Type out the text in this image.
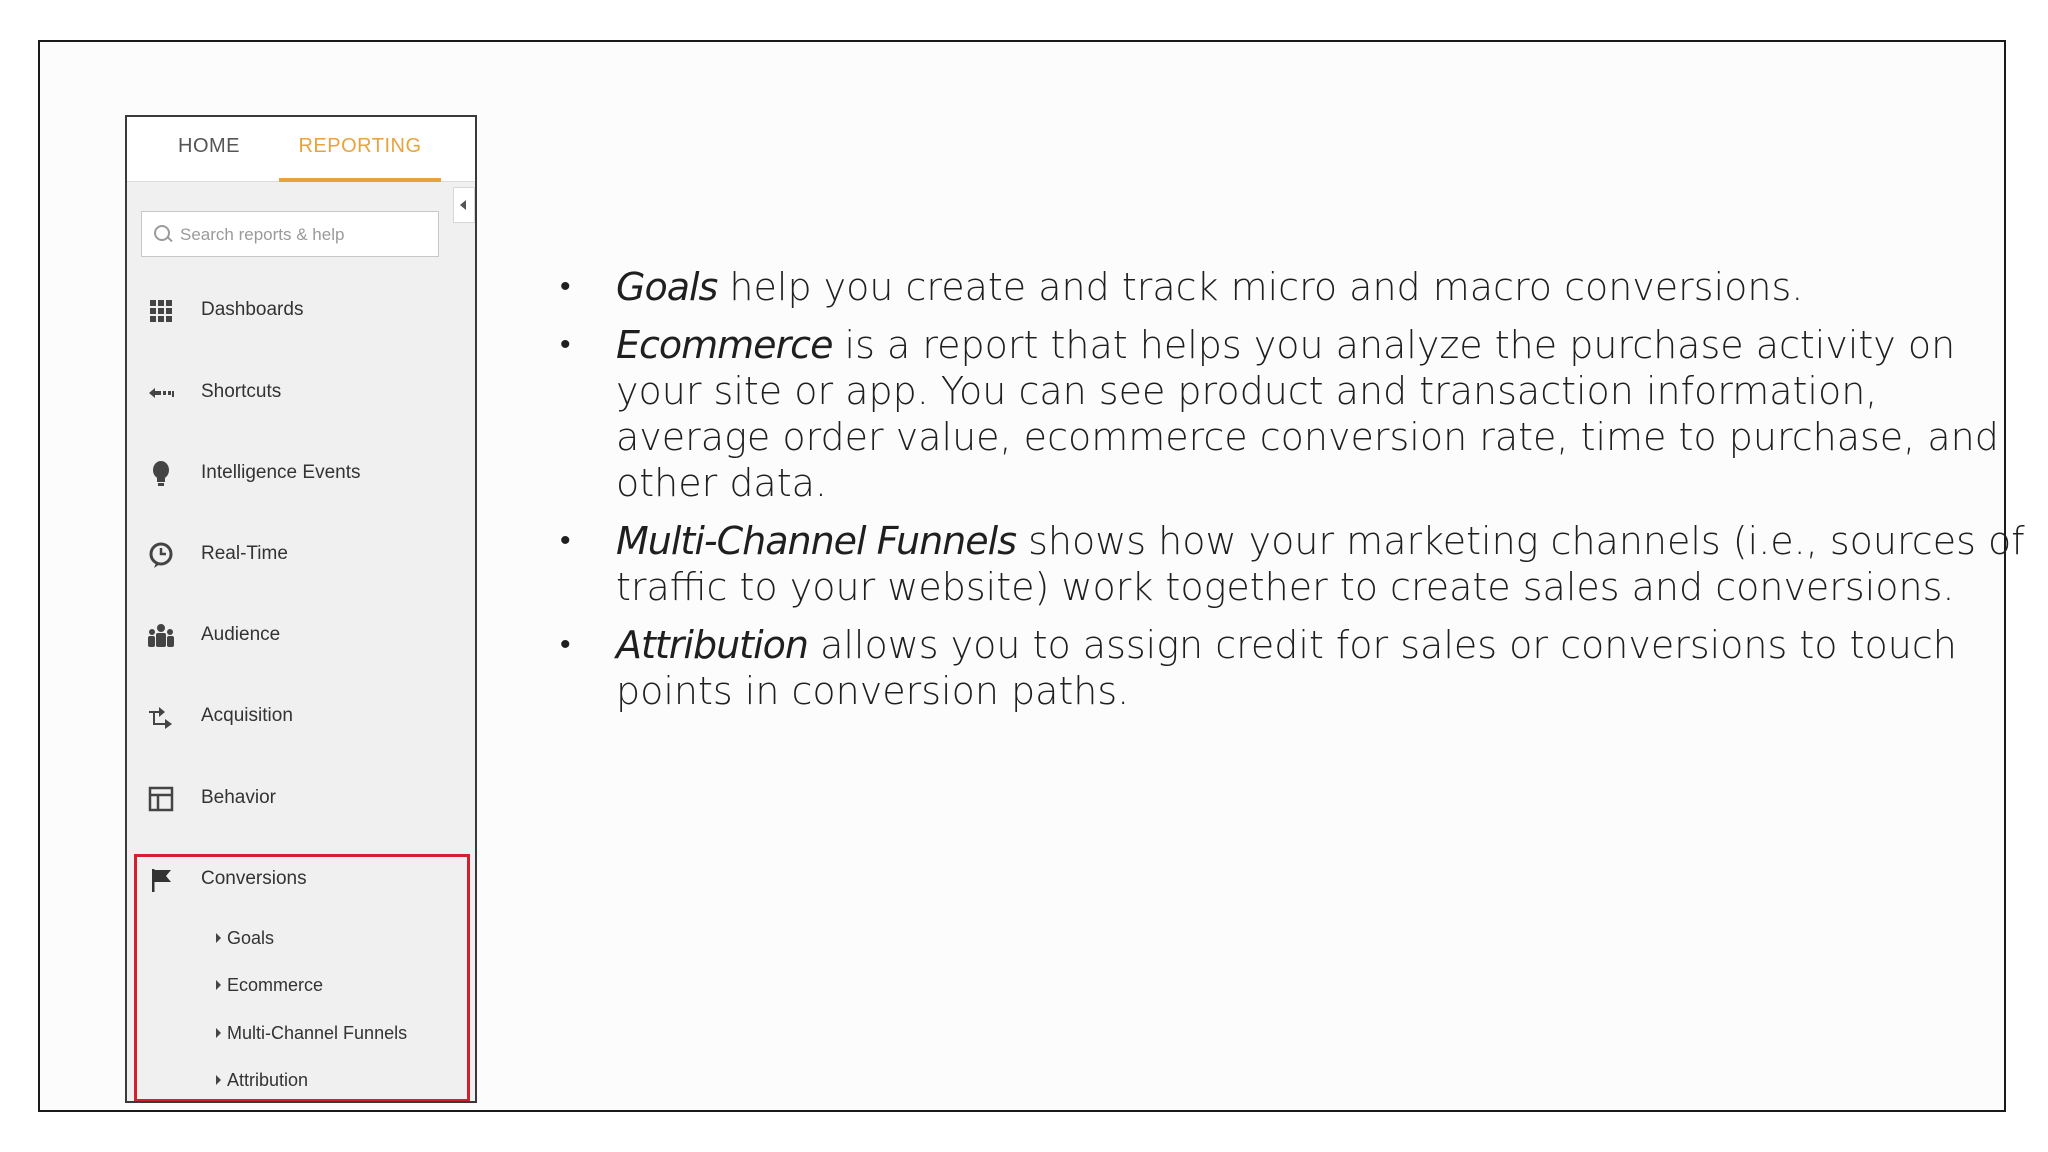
HOME	REPORTING
Search reports & help
Dashboards
Shortcuts
Intelligence Events
Real-Time
Audience
Acquisition
Behavior
Conversions
Goals
Ecommerce
Multi-Channel Funnels
Attribution
• Goals help you create and track micro and macro conversions.
• Ecommerce is a report that helps you analyze the purchase activity on your site or app. You can see product and transaction information, average order value, ecommerce conversion rate, time to purchase, and other data.
• Multi-Channel Funnels shows how your marketing channels (i.e., sources of traffic to your website) work together to create sales and conversions.
• Attribution allows you to assign credit for sales or conversions to touch points in conversion paths.
